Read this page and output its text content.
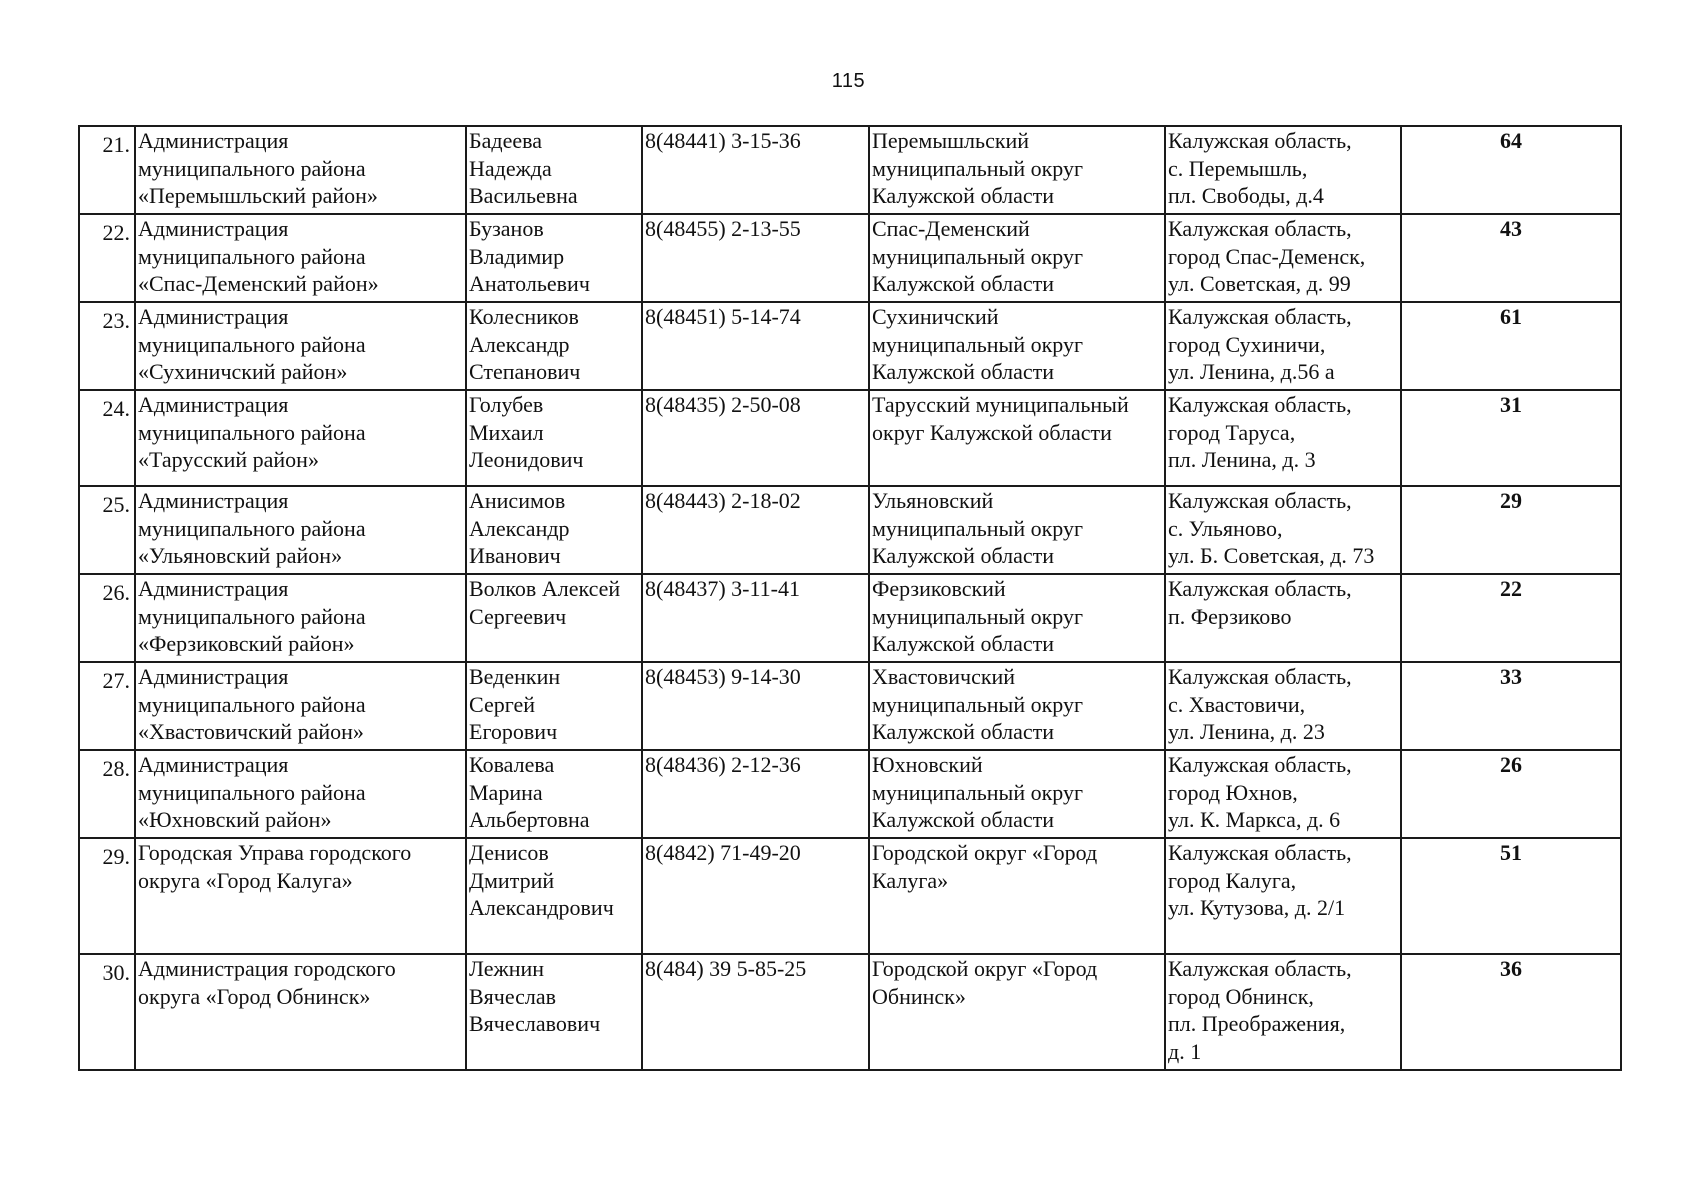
115
21.	Администрация
муниципального района
«Перемышльский район»	Бадеева
Надежда
Васильевна	8(48441) 3-15-36	Перемышльский
муниципальный округ
Калужской области	Калужская область,
с. Перемышль,
пл. Свободы, д.4	64

22.	Администрация
муниципального района
«Спас-Деменский район»	Бузанов
Владимир
Анатольевич	8(48455) 2-13-55	Спас-Деменский
муниципальный округ
Калужской области	Калужская область,
город Спас-Деменск,
ул. Советская, д. 99	43

23.	Администрация
муниципального района
«Сухиничский район»	Колесников
Александр
Степанович	8(48451) 5-14-74	Сухиничский
муниципальный округ
Калужской области	Калужская область,
город Сухиничи,
ул. Ленина, д.56 а	61

24.	Администрация
муниципального района
«Тарусский район»	Голубев
Михаил
Леонидович	8(48435) 2-50-08	Тарусский муниципальный
округ Калужской области	Калужская область,
город Таруса,
пл. Ленина, д. 3	31

25.	Администрация
муниципального района
«Ульяновский район»	Анисимов
Александр
Иванович	8(48443) 2-18-02	Ульяновский
муниципальный округ
Калужской области	Калужская область,
с. Ульяново,
ул. Б. Советская, д. 73	29

26.	Администрация
муниципального района
«Ферзиковский район»	Волков Алексей
Сергеевич	8(48437) 3-11-41	Ферзиковский
муниципальный округ
Калужской области	Калужская область,
п. Ферзиково	22

27.	Администрация
муниципального района
«Хвастовичский район»	Веденкин
Сергей
Егорович	8(48453) 9-14-30	Хвастовичский
муниципальный округ
Калужской области	Калужская область,
с. Хвастовичи,
ул. Ленина, д. 23	33

28.	Администрация
муниципального района
«Юхновский район»	Ковалева
Марина
Альбертовна	8(48436) 2-12-36	Юхновский
муниципальный округ
Калужской области	Калужская область,
город Юхнов,
ул. К. Маркса, д. 6	26

29.	Городская Управа городского
округа «Город Калуга»	Денисов
Дмитрий
Александрович	8(4842) 71-49-20	Городской округ «Город
Калуга»	Калужская область,
город Калуга,
ул. Кутузова, д. 2/1	51

30.	Администрация городского
округа «Город Обнинск»	Лежнин
Вячеслав
Вячеславович	8(484) 39 5-85-25	Городской округ «Город
Обнинск»	Калужская область,
город Обнинск,
пл. Преображения,
д. 1	36
